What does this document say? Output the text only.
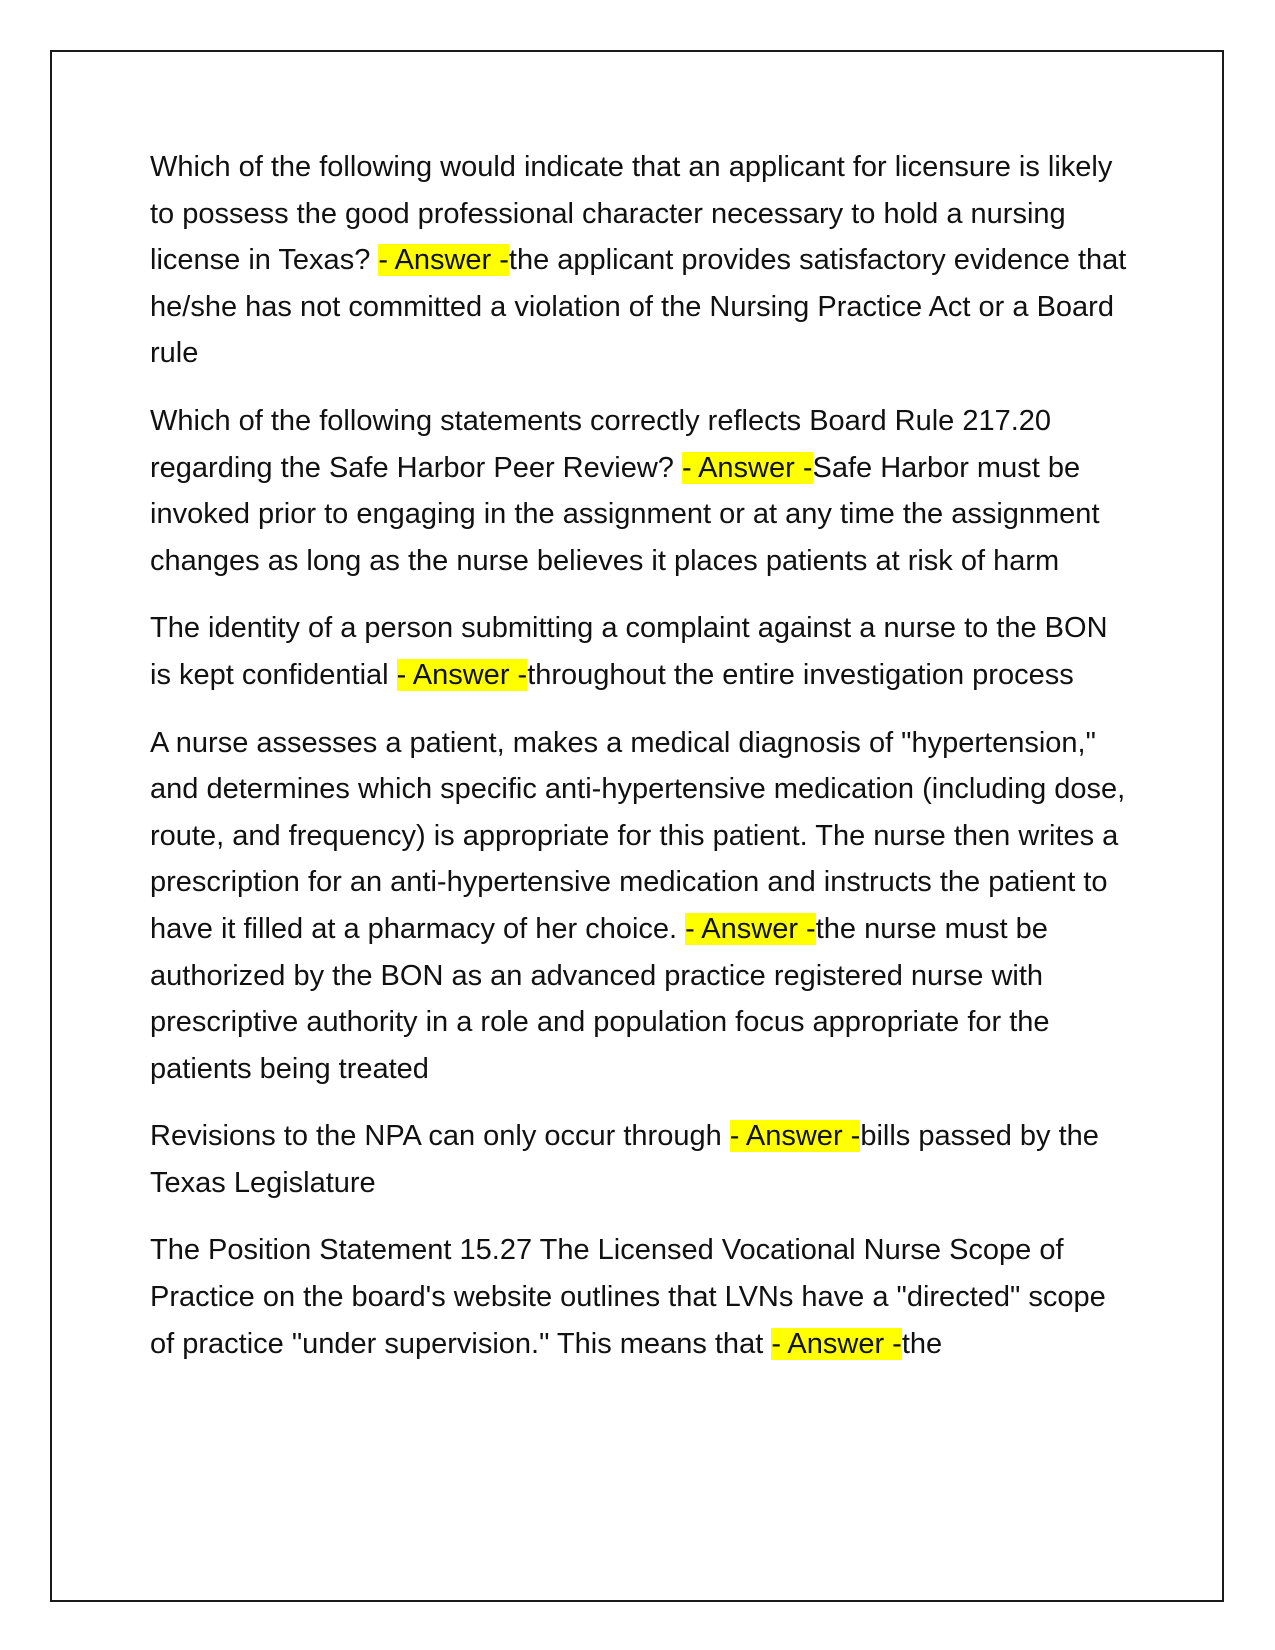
Which of the following would indicate that an applicant for licensure is likely to possess the good professional character necessary to hold a nursing license in Texas? - Answer -the applicant provides satisfactory evidence that he/she has not committed a violation of the Nursing Practice Act or a Board rule

Which of the following statements correctly reflects Board Rule 217.20 regarding the Safe Harbor Peer Review? - Answer -Safe Harbor must be invoked prior to engaging in the assignment or at any time the assignment changes as long as the nurse believes it places patients at risk of harm

The identity of a person submitting a complaint against a nurse to the BON is kept confidential - Answer -throughout the entire investigation process

A nurse assesses a patient, makes a medical diagnosis of "hypertension," and determines which specific anti-hypertensive medication (including dose, route, and frequency) is appropriate for this patient. The nurse then writes a prescription for an anti-hypertensive medication and instructs the patient to have it filled at a pharmacy of her choice. - Answer -the nurse must be authorized by the BON as an advanced practice registered nurse with prescriptive authority in a role and population focus appropriate for the patients being treated

Revisions to the NPA can only occur through - Answer -bills passed by the Texas Legislature

The Position Statement 15.27 The Licensed Vocational Nurse Scope of Practice on the board's website outlines that LVNs have a "directed" scope of practice "under supervision." This means that - Answer -the
